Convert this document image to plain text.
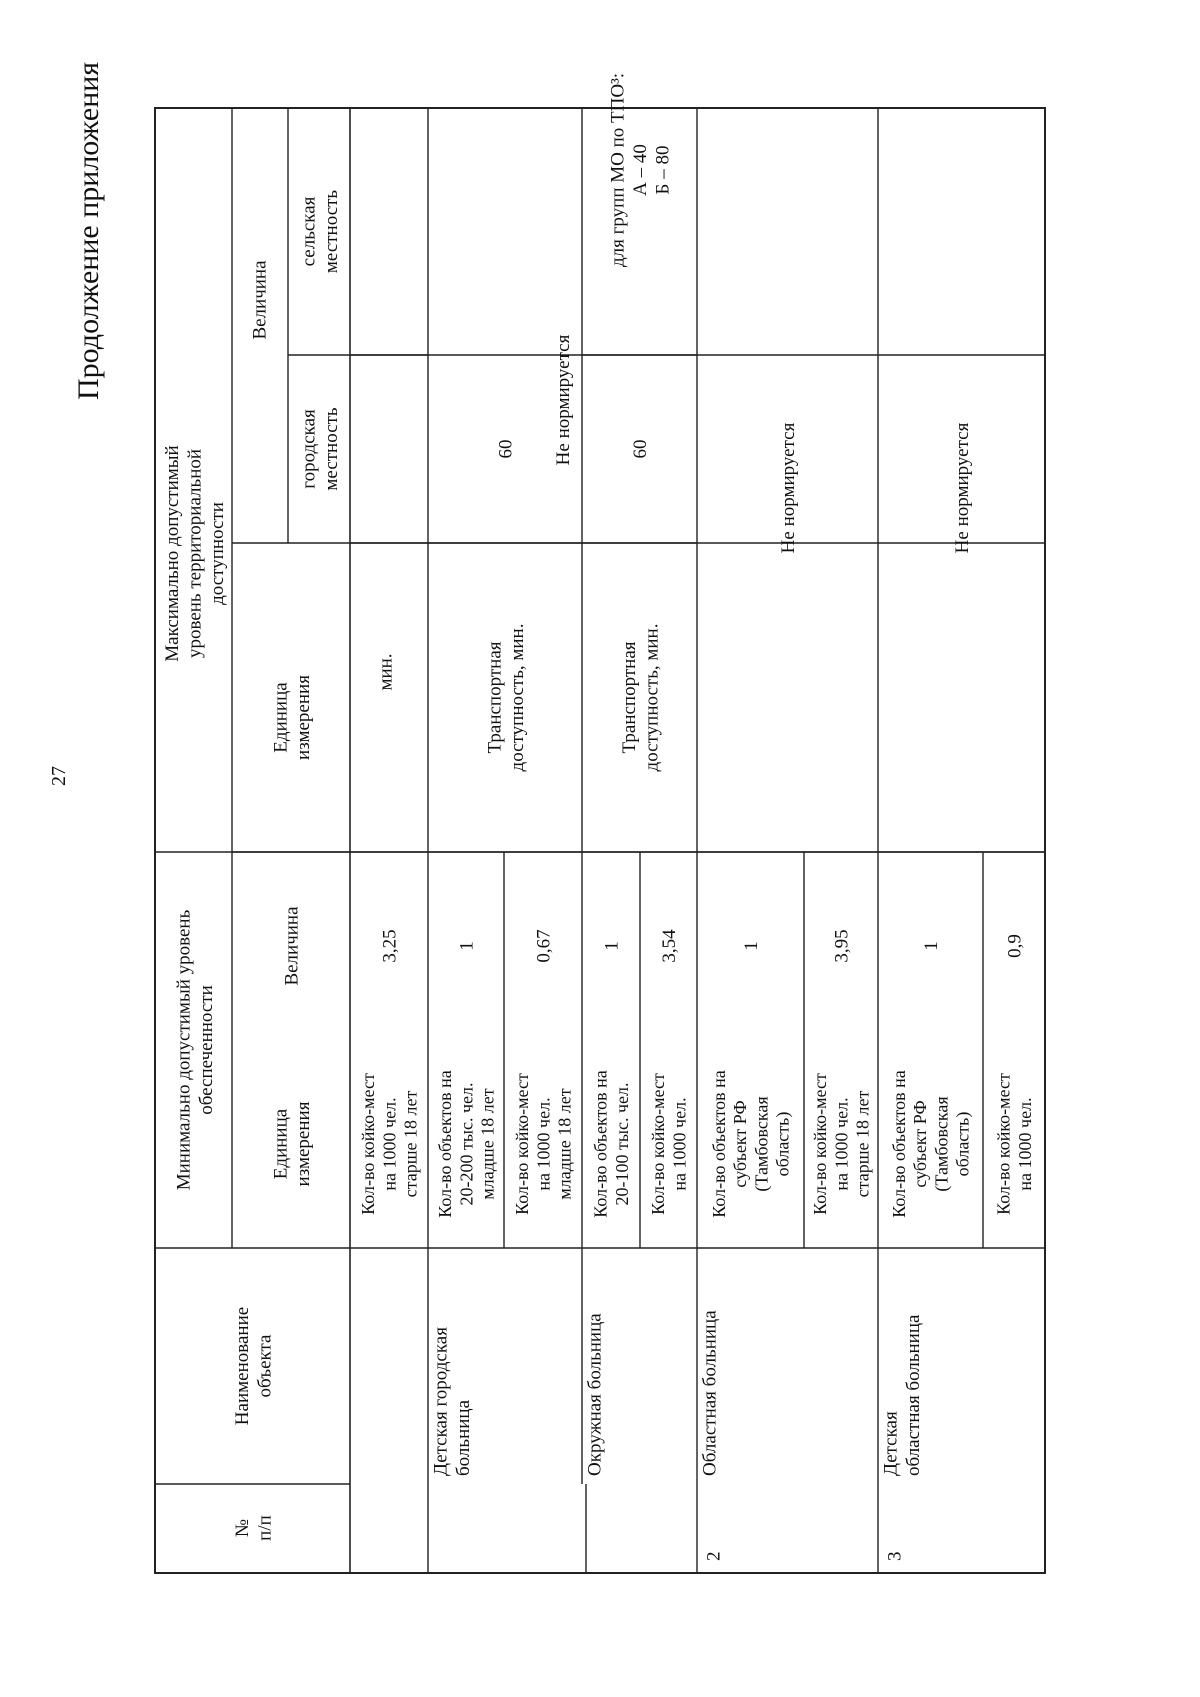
27
Продолжение приложения
№п/п
Наименованиеобъекта
Минимально допустимый уровеньобеспеченности
Единицаизмерения
Величина
Максимально допустимыйуровень территориальнойдоступности
Единицаизмерения
Величина
городскаяместность
сельскаяместность
Кол-во койко-местна 1000 чел.старше 18 лет
3,25
мин.
Детская городскаябольница
Кол-во объектов на20-200 тыс. чел.младше 18 лет
1
Кол-во койко-местна 1000 чел.младше 18 лет
0,67
Транспортнаядоступность, мин.
60 Не нормируется
Окружная больница
Кол-во объектов на20-100 тыс. чел.
1
Кол-во койко-местна 1000 чел.
3,54
Транспортнаядоступность, мин.
60
для групп МО по ТПО³:А – 40Б – 80
2
Областная больница
Кол-во объектов насубъект РФ(Тамбовскаяобласть)
1
Кол-во койко-местна 1000 чел.старше 18 лет
3,95
Не нормируется
3
Детскаяобластная больница
Кол-во объектов насубъект РФ(Тамбовскаяобласть)
1
Кол-во койко-местна 1000 чел.
0,9
Не нормируется
